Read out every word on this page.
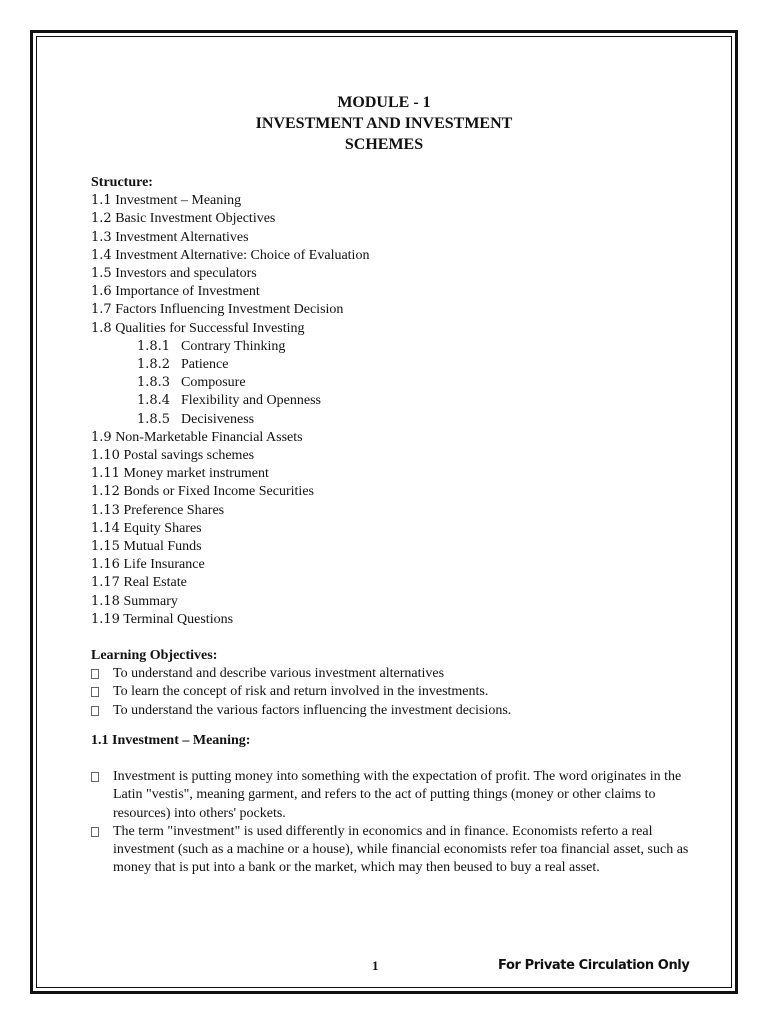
MODULE - 1
INVESTMENT AND INVESTMENT
SCHEMES
Structure:
1.1 Investment – Meaning
1.2 Basic Investment Objectives
1.3 Investment Alternatives
1.4 Investment Alternative: Choice of Evaluation
1.5 Investors and speculators
1.6 Importance of Investment
1.7 Factors Influencing Investment Decision
1.8 Qualities for Successful Investing
1.8.1 Contrary Thinking
1.8.2 Patience
1.8.3 Composure
1.8.4 Flexibility and Openness
1.8.5 Decisiveness
1.9 Non-Marketable Financial Assets
1.10 Postal savings schemes
1.11 Money market instrument
1.12 Bonds or Fixed Income Securities
1.13 Preference Shares
1.14 Equity Shares
1.15 Mutual Funds
1.16 Life Insurance
1.17 Real Estate
1.18 Summary
1.19 Terminal Questions
Learning Objectives:
To understand and describe various investment alternatives
To learn the concept of risk and return involved in the investments.
To understand the various factors influencing the investment decisions.
1.1 Investment – Meaning:
Investment is putting money into something with the expectation of profit. The word originates in the Latin "vestis", meaning garment, and refers to the act of putting things (money or other claims to resources) into others' pockets.
The term "investment" is used differently in economics and in finance. Economists referto a real investment (such as a machine or a house), while financial economists refer toa financial asset, such as money that is put into a bank or the market, which may then beused to buy a real asset.
1	For Private Circulation Only
